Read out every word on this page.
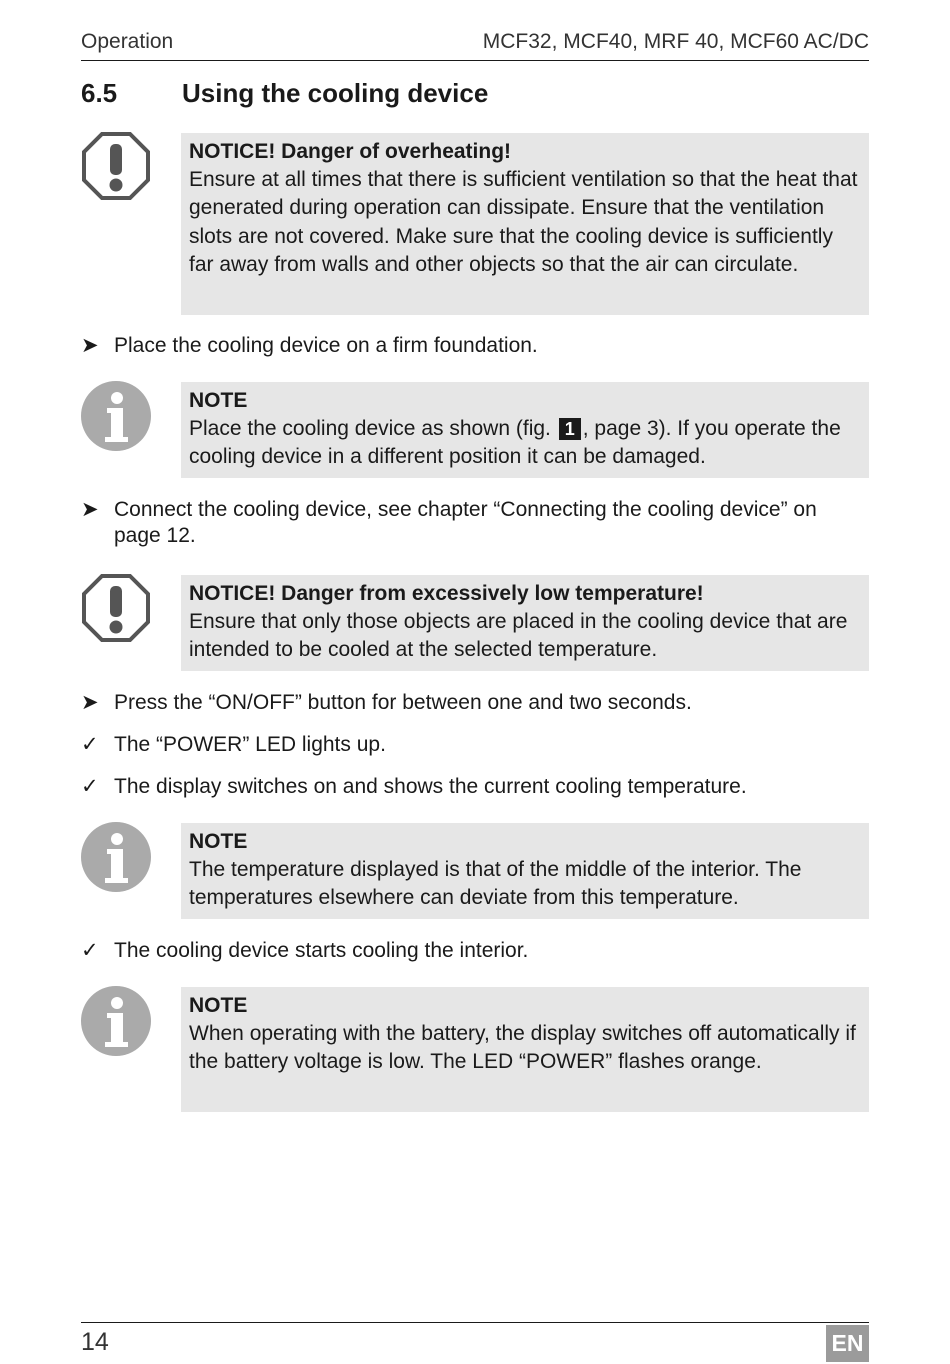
Operation	MCF32, MCF40, MRF 40, MCF60 AC/DC
6.5 Using the cooling device
NOTICE! Danger of overheating!
Ensure at all times that there is sufficient ventilation so that the heat that generated during operation can dissipate. Ensure that the ventilation slots are not covered. Make sure that the cooling device is sufficiently far away from walls and other objects so that the air can circulate.
➤ Place the cooling device on a firm foundation.
NOTE
Place the cooling device as shown (fig. 1 , page 3). If you operate the cooling device in a different position it can be damaged.
➤ Connect the cooling device, see chapter “Connecting the cooling device” on page 12.
NOTICE! Danger from excessively low temperature!
Ensure that only those objects are placed in the cooling device that are intended to be cooled at the selected temperature.
➤ Press the “ON/OFF” button for between one and two seconds.
✓ The “POWER” LED lights up.
✓ The display switches on and shows the current cooling temperature.
NOTE
The temperature displayed is that of the middle of the interior. The temperatures elsewhere can deviate from this temperature.
✓ The cooling device starts cooling the interior.
NOTE
When operating with the battery, the display switches off automatically if the battery voltage is low. The LED “POWER” flashes orange.
14	EN
